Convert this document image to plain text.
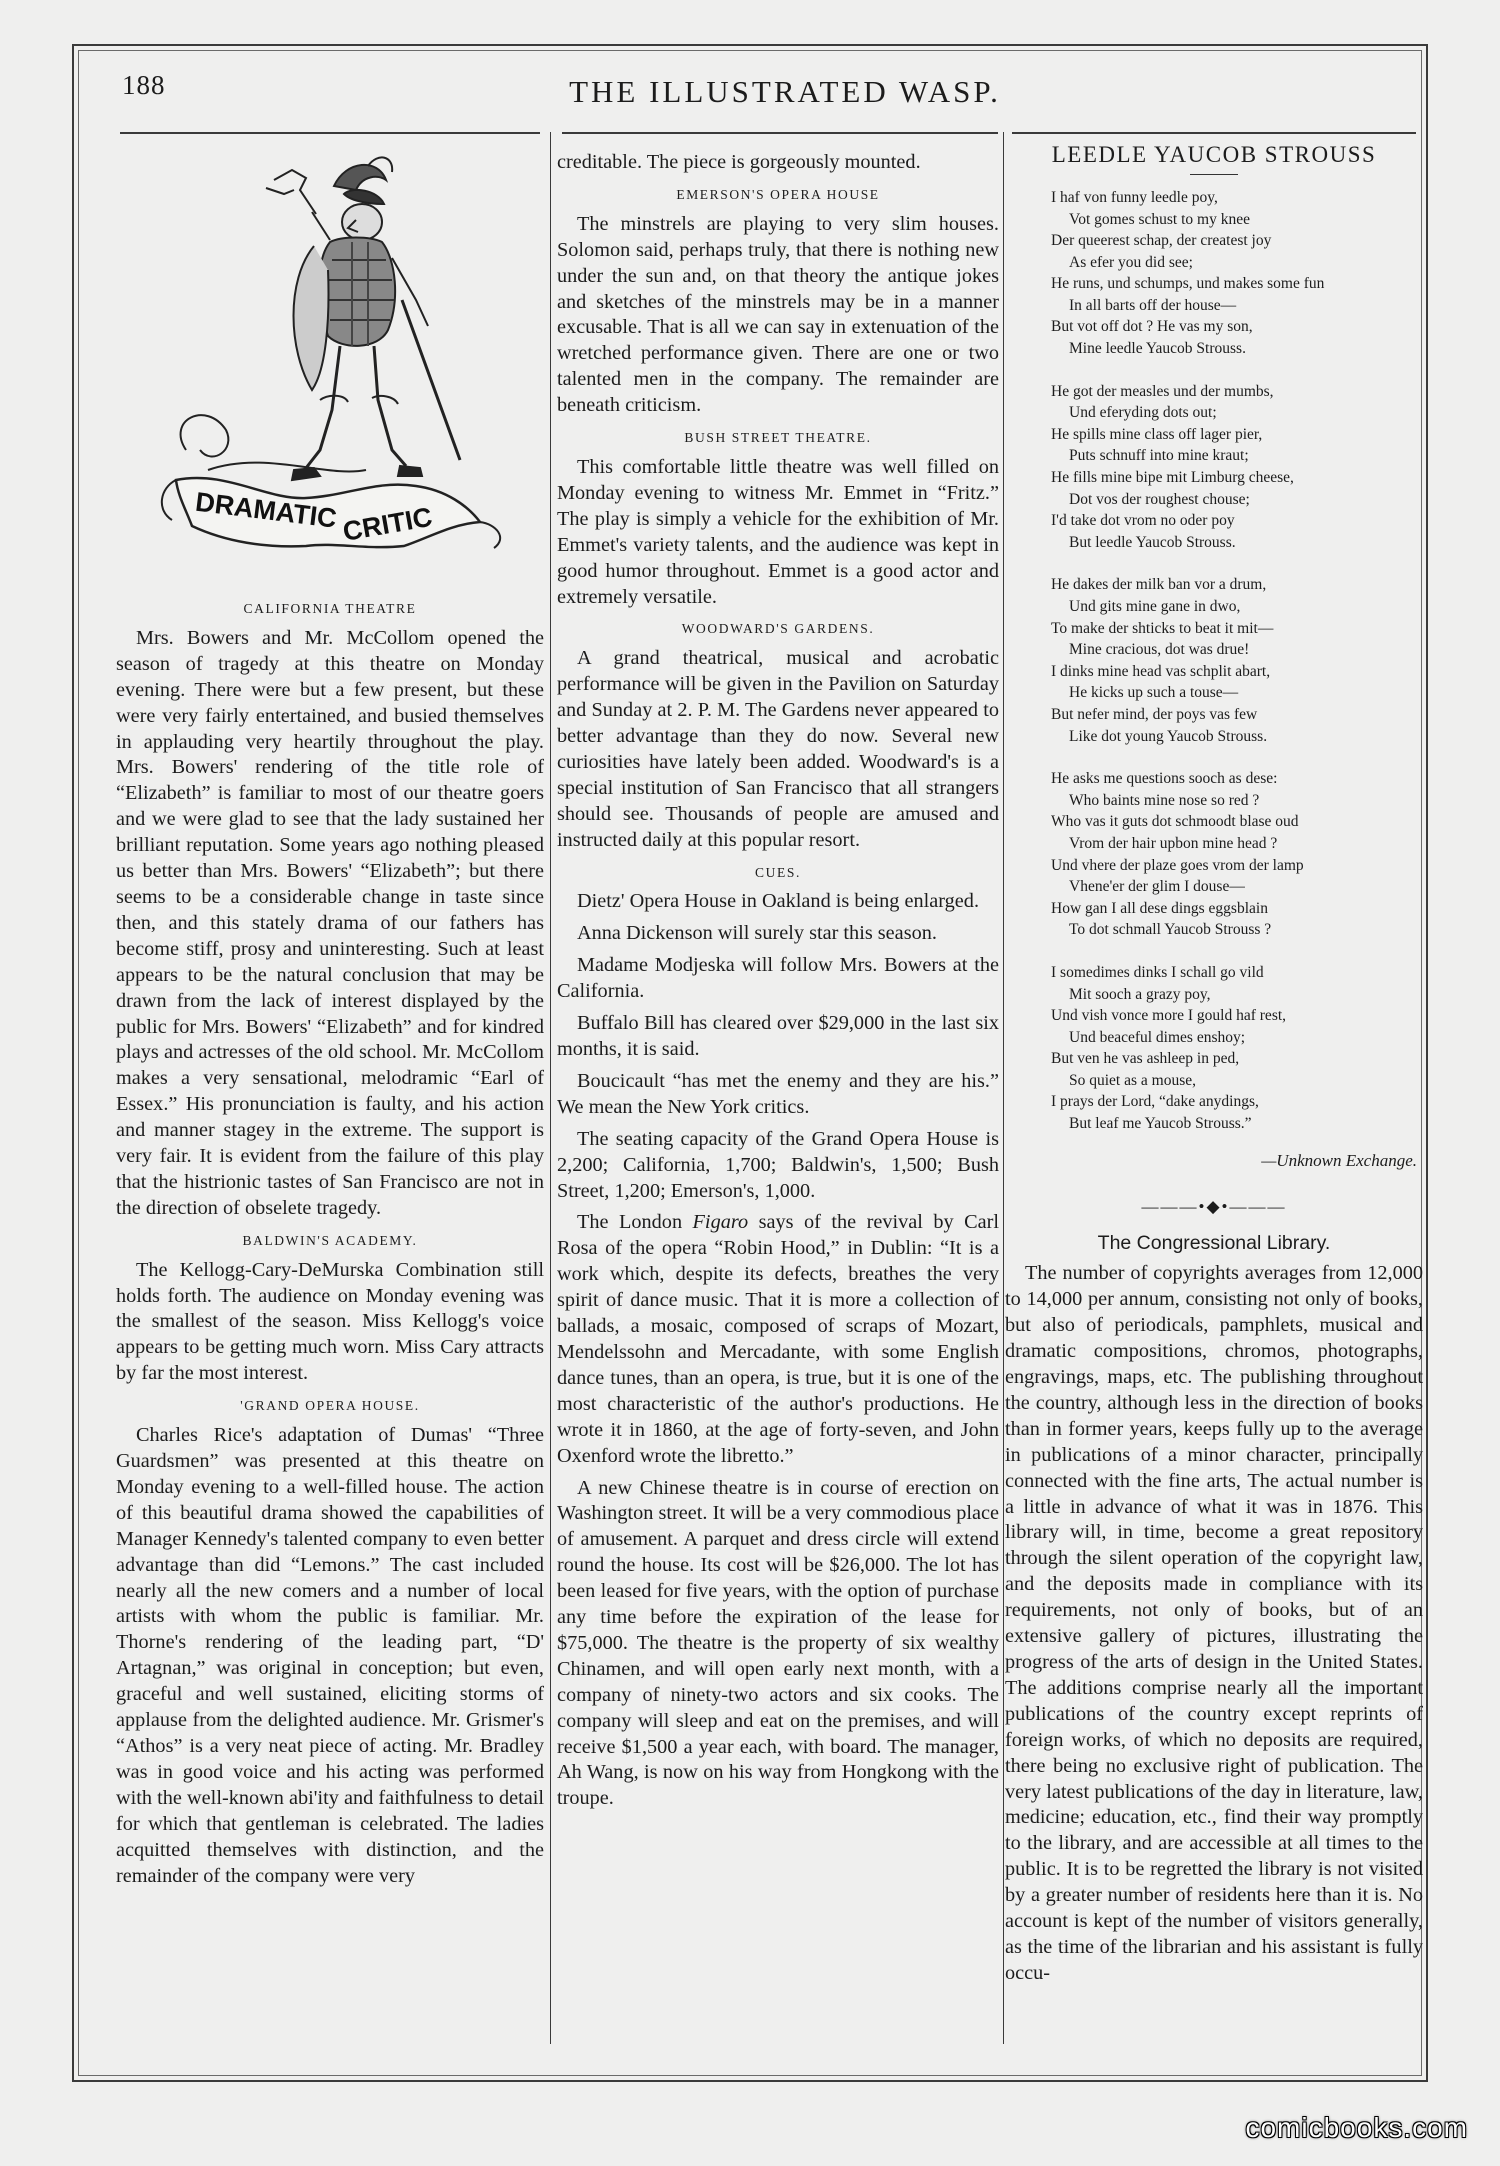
188	THE ILLUSTRATED WASP.
DRAMATIC CRITIC
CALIFORNIA THEATRE

Mrs. Bowers and Mr. McCollom opened the season of tragedy at this theatre on Monday evening. There were but a few present, but these were very fairly entertained, and busied themselves in applauding very heartily throughout the play. Mrs. Bowers' rendering of the title role of “Elizabeth” is familiar to most of our theatre goers and we were glad to see that the lady sustained her brilliant reputation. Some years ago nothing pleased us better than Mrs. Bowers' “Elizabeth”; but there seems to be a considerable change in taste since then, and this stately drama of our fathers has become stiff, prosy and uninteresting. Such at least appears to be the natural conclusion that may be drawn from the lack of interest displayed by the public for Mrs. Bowers' “Elizabeth” and for kindred plays and actresses of the old school. Mr. McCollom makes a very sensational, melodramic “Earl of Essex.” His pronunciation is faulty, and his action and manner stagey in the extreme. The support is very fair. It is evident from the failure of this play that the histrionic tastes of San Francisco are not in the direction of obselete tragedy.

BALDWIN'S ACADEMY.

The Kellogg-Cary-DeMurska Combination still holds forth. The audience on Monday evening was the smallest of the season. Miss Kellogg's voice appears to be getting much worn. Miss Cary attracts by far the most interest.

'GRAND OPERA HOUSE.

Charles Rice's adaptation of Dumas' “Three Guardsmen” was presented at this theatre on Monday evening to a well-filled house. The action of this beautiful drama showed the capabilities of Manager Kennedy's talented company to even better advantage than did “Lemons.” The cast included nearly all the new comers and a number of local artists with whom the public is familiar. Mr. Thorne's rendering of the leading part, “D' Artagnan,” was original in conception; but even, graceful and well sustained, eliciting storms of applause from the delighted audience. Mr. Grismer's “Athos” is a very neat piece of acting. Mr. Bradley was in good voice and his acting was performed with the well-known abi'ity and faithfulness to detail for which that gentleman is celebrated. The ladies acquitted themselves with distinction, and the remainder of the company were very

creditable. The piece is gorgeously mounted.

EMERSON'S OPERA HOUSE

The minstrels are playing to very slim houses. Solomon said, perhaps truly, that there is nothing new under the sun and, on that theory the antique jokes and sketches of the minstrels may be in a manner excusable. That is all we can say in extenuation of the wretched performance given. There are one or two talented men in the company. The remainder are beneath criticism.

BUSH STREET THEATRE.

This comfortable little theatre was well filled on Monday evening to witness Mr. Emmet in “Fritz.” The play is simply a vehicle for the exhibition of Mr. Emmet's variety talents, and the audience was kept in good humor throughout. Emmet is a good actor and extremely versatile.

WOODWARD'S GARDENS.

A grand theatrical, musical and acrobatic performance will be given in the Pavilion on Saturday and Sunday at 2. P. M. The Gardens never appeared to better advantage than they do now. Several new curiosities have lately been added. Woodward's is a special institution of San Francisco that all strangers should see. Thousands of people are amused and instructed daily at this popular resort.

CUES.

Dietz' Opera House in Oakland is being enlarged.

Anna Dickenson will surely star this season.

Madame Modjeska will follow Mrs. Bowers at the California.

Buffalo Bill has cleared over $29,000 in the last six months, it is said.

Boucicault “has met the enemy and they are his.” We mean the New York critics.

The seating capacity of the Grand Opera House is 2,200; California, 1,700; Baldwin's, 1,500; Bush Street, 1,200; Emerson's, 1,000.

The London Figaro says of the revival by Carl Rosa of the opera “Robin Hood,” in Dublin: “It is a work which, despite its defects, breathes the very spirit of dance music. That it is more a collection of ballads, a mosaic, composed of scraps of Mozart, Mendelssohn and Mercadante, with some English dance tunes, than an opera, is true, but it is one of the most characteristic of the author's productions. He wrote it in 1860, at the age of forty-seven, and John Oxenford wrote the libretto.”

A new Chinese theatre is in course of erection on Washington street. It will be a very commodious place of amusement. A parquet and dress circle will extend round the house. Its cost will be $26,000. The lot has been leased for five years, with the option of purchase any time before the expiration of the lease for $75,000. The theatre is the property of six wealthy Chinamen, and will open early next month, with a company of ninety-two actors and six cooks. The company will sleep and eat on the premises, and will receive $1,500 a year each, with board. The manager, Ah Wang, is now on his way from Hongkong with the troupe.

LEEDLE YAUCOB STROUSS
I haf von funny leedle poy,
Vot gomes schust to my knee
Der queerest schap, der createst joy
As efer you did see;
He runs, und schumps, und makes some fun
In all barts off der house—
But vot off dot ? He vas my son,
Mine leedle Yaucob Strouss.
He got der measles und der mumbs,
Und eferyding dots out;
He spills mine class off lager pier,
Puts schnuff into mine kraut;
He fills mine bipe mit Limburg cheese,
Dot vos der roughest chouse;
I'd take dot vrom no oder poy
But leedle Yaucob Strouss.
He dakes der milk ban vor a drum,
Und gits mine gane in dwo,
To make der shticks to beat it mit—
Mine cracious, dot was drue!
I dinks mine head vas schplit abart,
He kicks up such a touse—
But nefer mind, der poys vas few
Like dot young Yaucob Strouss.
He asks me questions sooch as dese:
Who baints mine nose so red ?
Who vas it guts dot schmoodt blase oud
Vrom der hair upbon mine head ?
Und vhere der plaze goes vrom der lamp
Vhene'er der glim I douse—
How gan I all dese dings eggsblain
To dot schmall Yaucob Strouss ?
I somedimes dinks I schall go vild
Mit sooch a grazy poy,
Und vish vonce more I gould haf rest,
Und beaceful dimes enshoy;
But ven he vas ashleep in ped,
So quiet as a mouse,
I prays der Lord, “dake anydings,
But leaf me Yaucob Strouss.”
—Unknown Exchange.
———•◆•———
The Congressional Library.

The number of copyrights averages from 12,000 to 14,000 per annum, consisting not only of books, but also of periodicals, pamphlets, musical and dramatic compositions, chromos, photographs, engravings, maps, etc. The publishing throughout the country, although less in the direction of books than in former years, keeps fully up to the average in publications of a minor character, principally connected with the fine arts, The actual number is a little in advance of what it was in 1876. This library will, in time, become a great repository through the silent operation of the copyright law, and the deposits made in compliance with its requirements, not only of books, but of an extensive gallery of pictures, illustrating the progress of the arts of design in the United States. The additions comprise nearly all the important publications of the country except reprints of foreign works, of which no deposits are required, there being no exclusive right of publication. The very latest publications of the day in literature, law, medicine; education, etc., find their way promptly to the library, and are accessible at all times to the public. It is to be regretted the library is not visited by a greater number of residents here than it is. No account is kept of the number of visitors generally, as the time of the librarian and his assistant is fully occu-

comicbooks.com
